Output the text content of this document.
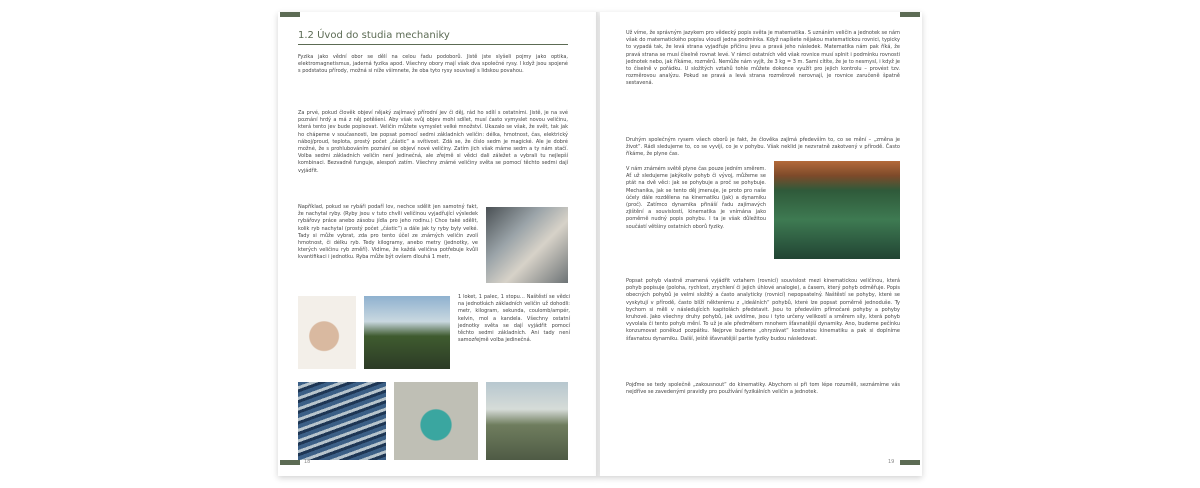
1.2 Úvod do studia mechaniky

Fyzika jako vědní obor se dělí na celou řadu podoborů. Jistě jste slyšeli pojmy jako optika, elektromagnetismus, jaderná fyzika apod. Všechny obory mají však dva společné rysy. I když jsou spojené s podstatou přírody, možná si níže všimnete, že oba tyto rysy souvisejí s lidskou povahou.

Za prvé, pokud člověk objeví nějaký zajímavý přírodní jev či děj, rád ho sdílí s ostatními. Jistě, je na své poznání hrdý a má z něj potěšení. Aby však svůj objev mohl sdílet, musí často vymyslet novou veličinu, která tento jev bude popisovat. Veličin můžete vymyslet velké množství. Ukazalo se však, že svět, tak jak ho chápeme v současnosti, lze popsat pomocí sedmi základních veličin: délka, hmotnost, čas, elektrický náboj/proud, teplota, prostý počet „částic“ a svítivost. Zdá se, že číslo sedm je magické. Ale je dobré možné, že s prohlubováním poznání se objeví nové veličiny. Zatím jich však máme sedm a ty nám stačí. Volba sedmi základních veličin není jedinečná, ale zřejmě si vědci dali záležet a vybrali tu nejlepší kombinaci. Bezvadně funguje, alespoň zatím. Všechny známé veličiny světa se pomocí těchto sedmi dají vyjádřit.

Například, pokud se rybáři podaří lov, nechce sdělit jen samotný fakt, že nachytal ryby. (Ryby jsou v tuto chvíli veličinou vyjadřující výsledek rybářovy práce anebo zásobu jídla pro jeho rodinu.) Chce také sdělit, kolik ryb nachytal (prostý počet „částic“) a dále jak ty ryby byly velké. Tady si může vybrat, zda pro tento účel ze známých veličin zvolí hmotnost, či délku ryb. Tedy kilogramy, anebo metry (jednotky, ve kterých veličinu ryb změří). Vidíme, že každá veličina potřebuje kvůli kvantifikaci i jednotku. Ryba může být ovšem dlouhá 1 metr,

1 loket, 1 palec, 1 stopu… Naštěstí se vědci na jednotkách základních veličin už dohodli: metr, kilogram, sekunda, coulomb/ampér, kelvin, mol a kandela. Všechny ostatní jednotky světa se dají vyjádřit pomocí těchto sedmi základních. Ani tady není samozřejmě volba jedinečná.

18

Už víme, že správným jazykem pro vědecký popis světa je matematika. S uznáním veličin a jednotek se nám však do matematického popisu vloudí jedna podmínka. Když napíšete nějakou matematickou rovnici, typicky to vypadá tak, že levá strana vyjadřuje příčinu jevu a pravá jeho následek. Matematika nám pak říká, že pravá strana se musí číselně rovnat levé. V rámci ostatních věd však rovnice musí splnit i podmínku rovnosti jednotek nebo, jak říkáme, rozměrů. Nemůže nám vyjít, že 3 kg = 3 m. Sami cítíte, že je to nesmysl, i když je to číselně v pořádku. U složitých vztahů tohle můžete dokonce využít pro jejich kontrolu – provést tzv. rozměrovou analýzu. Pokud se pravá a levá strana rozměrově nerovnají, je rovnice zaručeně špatně sestavená.

Druhým společným rysem všech oborů je fakt, že člověka zajímá především to, co se mění – „změna je život“. Rádi sledujeme to, co se vyvíjí, co je v pohybu. Však neklid je nezvratně zakotvený v přírodě. Často říkáme, že plyne čas.

V nám známém světě plyne čas pouze jedním směrem. Ať už sledujeme jakýkoliv pohyb či vývoj, můžeme se ptát na dvě věci: jak se pohybuje a proč se pohybuje. Mechanika, jak se tento děj jmenuje, je proto pro naše účely dále rozdělena na kinematiku (jak) a dynamiku (proč). Zatímco dynamika přináší řadu zajímavých zjištění a souvislostí, kinematika je vnímána jako poměrně nudný popis pohybu. I ta je však důležitou součástí většiny ostatních oborů fyziky.

Popsat pohyb vlastně znamená vyjádřit vztahem (rovnicí) souvislost mezi kinematickou veličinou, která pohyb popisuje (poloha, rychlost, zrychlení či jejich úhlové analogie), a časem, který pohyb odměřuje. Popis obecných pohybů je velmi složitý a často analyticky (rovnicí) nepopsatelný. Naštěstí se pohyby, které se vyskytují v přírodě, často blíží některému z „ideálních“ pohybů, které lze popsat poměrně jednoduše. Ty bychom si měli v následujících kapitolách představit. Jsou to především přímočaré pohyby a pohyby kruhové. Jako všechny druhy pohybů, jak uvidíme, jsou i tyto určeny velikostí a směrem síly, která pohyb vyvolala či tento pohyb mění. To už je ale předmětem mnohem šťavnatější dynamiky. Ano, budeme pečínku konzumovat poněkud pozpátku. Nejprve budeme „ohryzávat“ kostnatou kinematiku a pak si doplníme šťavnatou dynamiku. Další, ještě šťavnatější partie fyziky budou následovat.

Pojďme se tedy společně „zakousnout“ do kinematiky. Abychom si při tom lépe rozuměli, seznámíme vás nejdříve se zavedenými pravidly pro používání fyzikálních veličin a jednotek.

19
